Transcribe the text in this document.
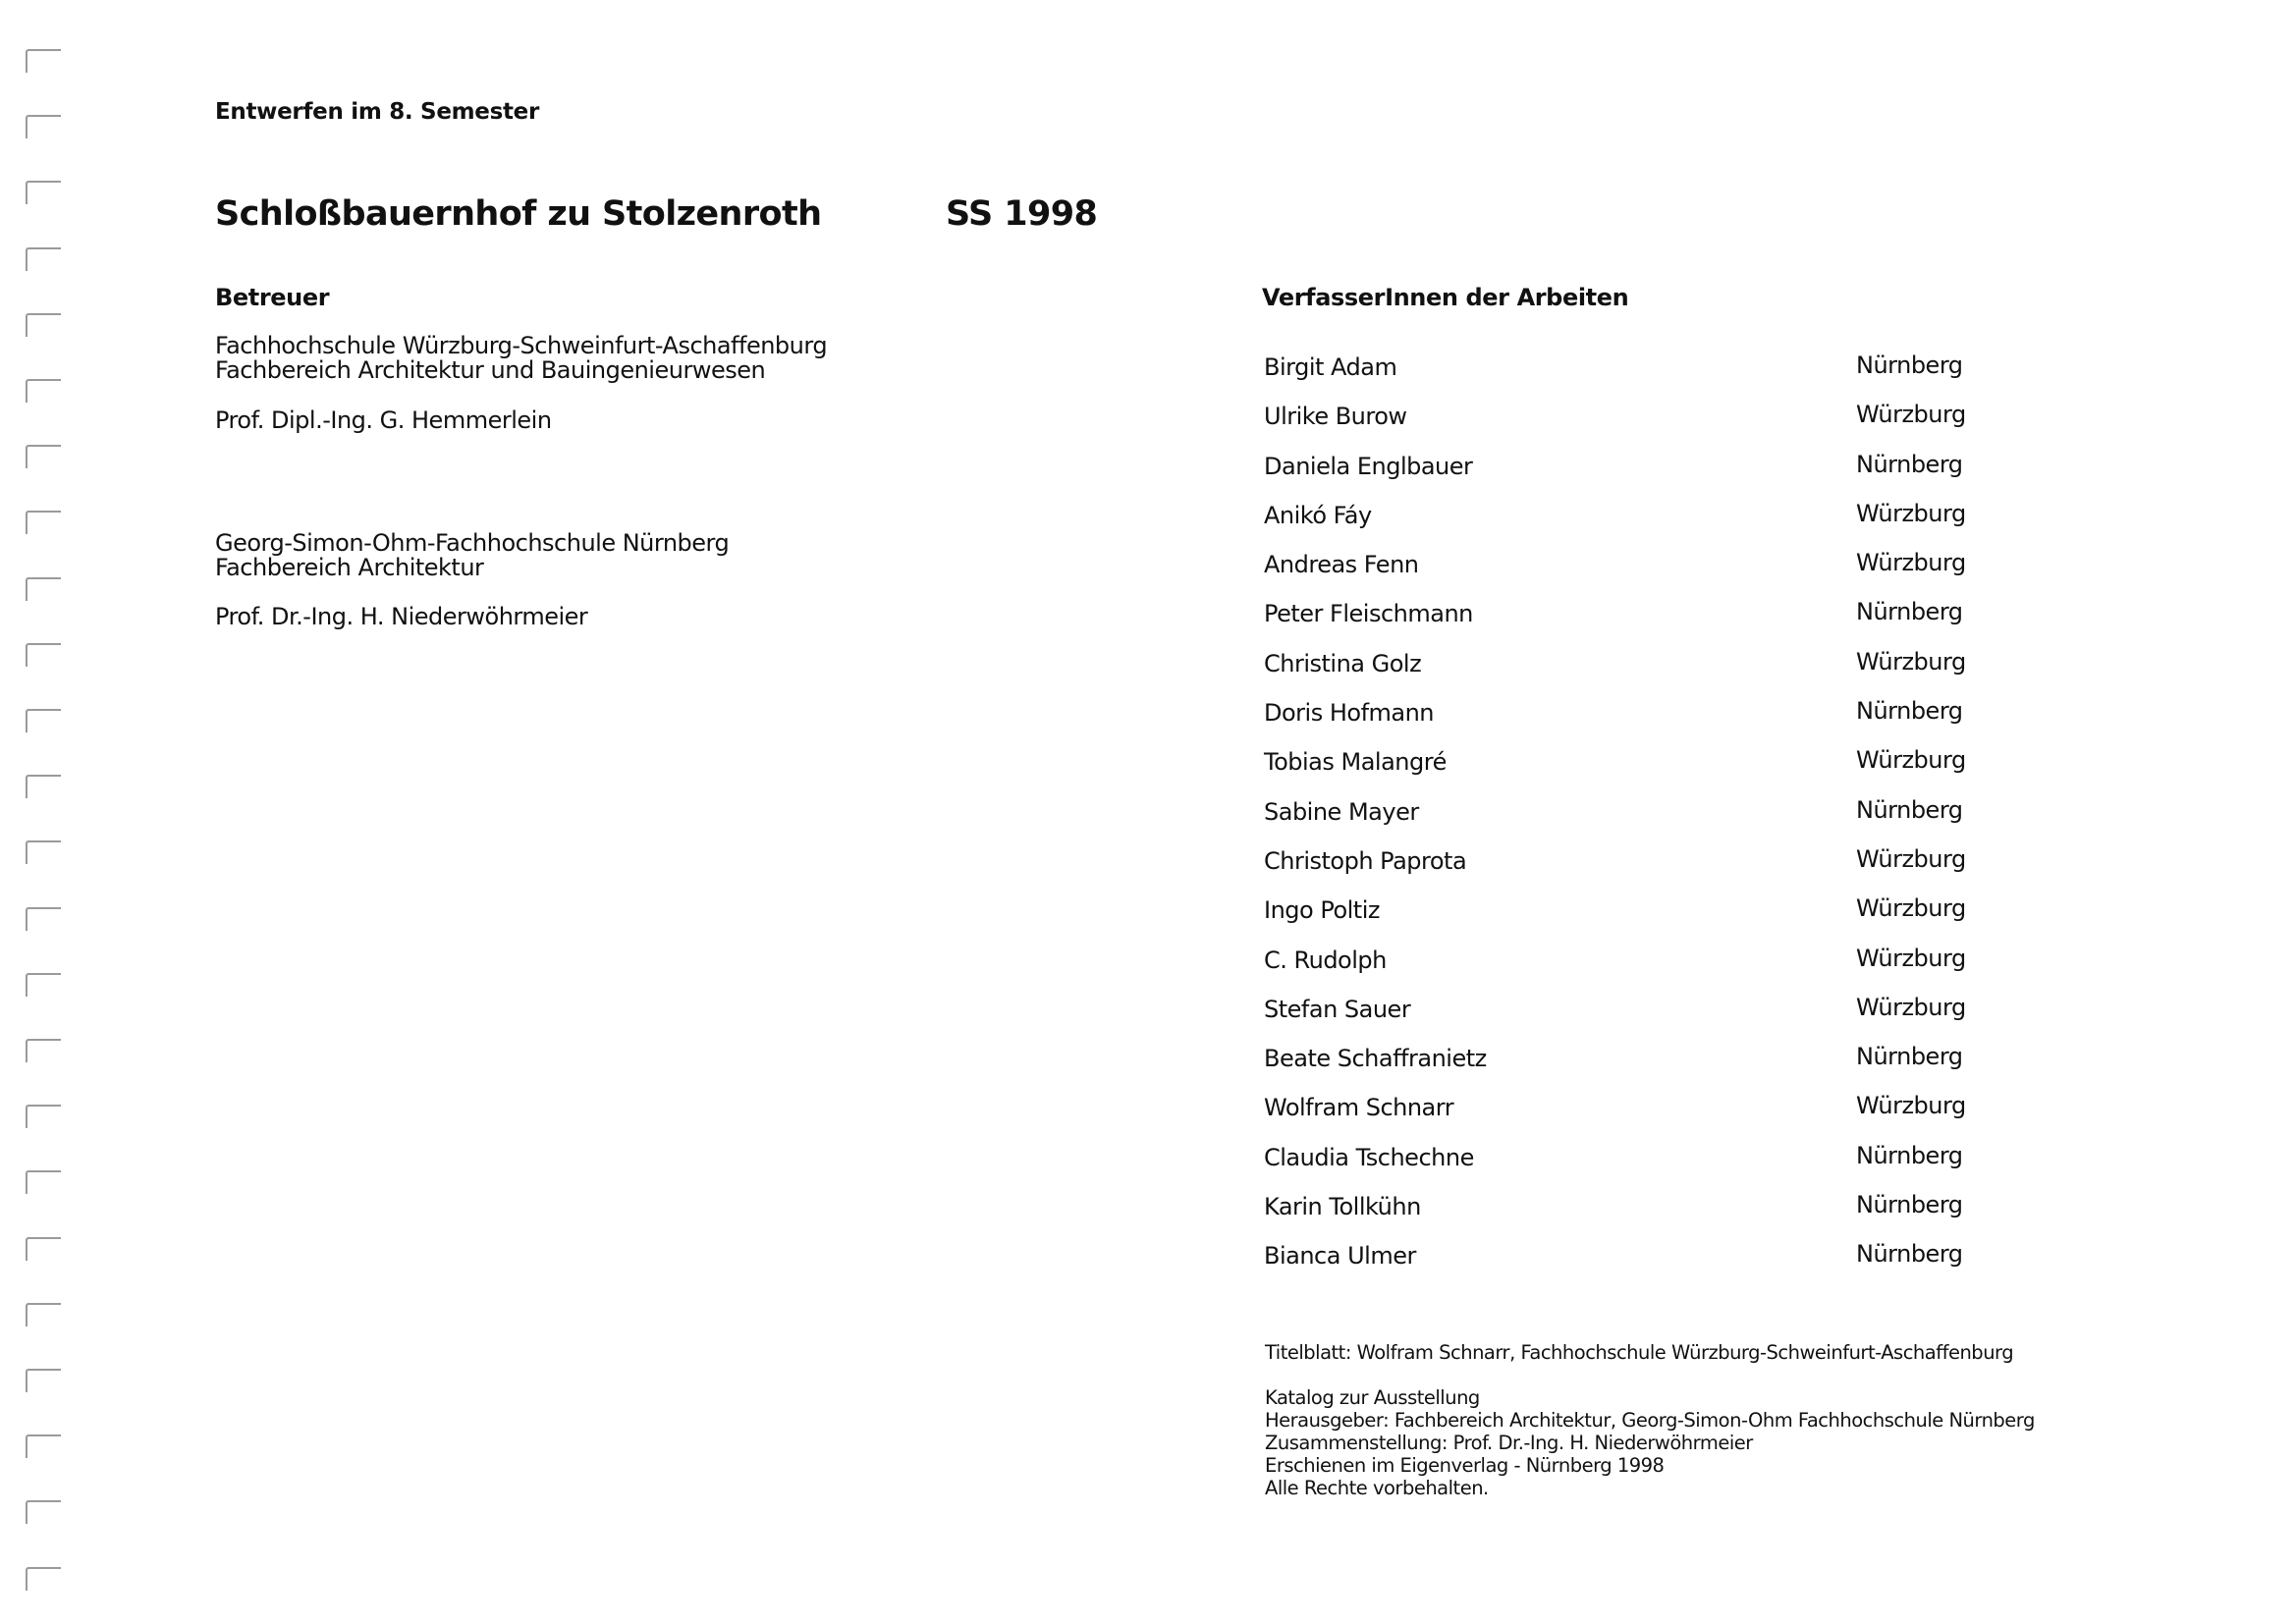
Entwerfen im 8. Semester
Schloßbauernhof zu Stolzenroth	SS 1998
Betreuer
Fachhochschule Würzburg-Schweinfurt-Aschaffenburg
Fachbereich Architektur und Bauingenieurwesen
Prof. Dipl.-Ing. G. Hemmerlein
Georg-Simon-Ohm-Fachhochschule Nürnberg
Fachbereich Architektur
Prof. Dr.-Ing. H. Niederwöhrmeier
VerfasserInnen der Arbeiten
Birgit Adam	Nürnberg
Ulrike Burow	Würzburg
Daniela Englbauer	Nürnberg
Anikó Fáy	Würzburg
Andreas Fenn	Würzburg
Peter Fleischmann	Nürnberg
Christina Golz	Würzburg
Doris Hofmann	Nürnberg
Tobias Malangré	Würzburg
Sabine Mayer	Nürnberg
Christoph Paprota	Würzburg
Ingo Poltiz	Würzburg
C. Rudolph	Würzburg
Stefan Sauer	Würzburg
Beate Schaffranietz	Nürnberg
Wolfram Schnarr	Würzburg
Claudia Tschechne	Nürnberg
Karin Tollkühn	Nürnberg
Bianca Ulmer	Nürnberg
Titelblatt: Wolfram Schnarr, Fachhochschule Würzburg-Schweinfurt-Aschaffenburg
Katalog zur Ausstellung
Herausgeber: Fachbereich Architektur, Georg-Simon-Ohm Fachhochschule Nürnberg
Zusammenstellung: Prof. Dr.-Ing. H. Niederwöhrmeier
Erschienen im Eigenverlag - Nürnberg 1998
Alle Rechte vorbehalten.
